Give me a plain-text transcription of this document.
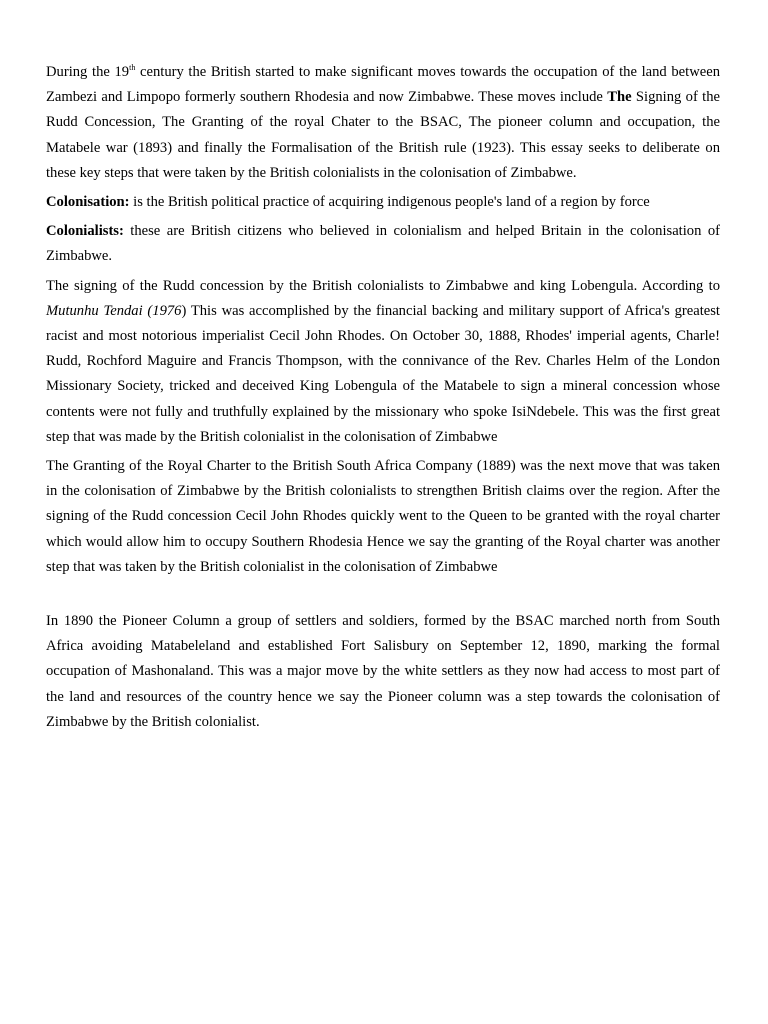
During the 19th century the British started to make significant moves towards the occupation of the land between Zambezi and Limpopo formerly southern Rhodesia and now Zimbabwe. These moves include The Signing of the Rudd Concession, The Granting of the royal Chater to the BSAC, The pioneer column and occupation, the Matabele war (1893) and finally the Formalisation of the British rule (1923). This essay seeks to deliberate on these key steps that were taken by the British colonialists in the colonisation of Zimbabwe.

Colonisation: is the British political practice of acquiring indigenous people's land of a region by force

Colonialists: these are British citizens who believed in colonialism and helped Britain in the colonisation of Zimbabwe.

The signing of the Rudd concession by the British colonialists to Zimbabwe and king Lobengula. According to Mutunhu Tendai (1976) This was accomplished by the financial backing and military support of Africa's greatest racist and most notorious imperialist Cecil John Rhodes. On October 30, 1888, Rhodes' imperial agents, Charle! Rudd, Rochford Maguire and Francis Thompson, with the connivance of the Rev. Charles Helm of the London Missionary Society, tricked and deceived King Lobengula of the Matabele to sign a mineral concession whose contents were not fully and truthfully explained by the missionary who spoke IsiNdebele. This was the first great step that was made by the British colonialist in the colonisation of Zimbabwe

The Granting of the Royal Charter to the British South Africa Company (1889) was the next move that was taken in the colonisation of Zimbabwe by the British colonialists to strengthen British claims over the region. After the signing of the Rudd concession Cecil John Rhodes quickly went to the Queen to be granted with the royal charter which would allow him to occupy Southern Rhodesia Hence we say the granting of the Royal charter was another step that was taken by the British colonialist in the colonisation of Zimbabwe

In 1890 the Pioneer Column a group of settlers and soldiers, formed by the BSAC marched north from South Africa avoiding Matabeleland and established Fort Salisbury on September 12, 1890, marking the formal occupation of Mashonaland. This was a major move by the white settlers as they now had access to most part of the land and resources of the country hence we say the Pioneer column was a step towards the colonisation of Zimbabwe by the British colonialist.
